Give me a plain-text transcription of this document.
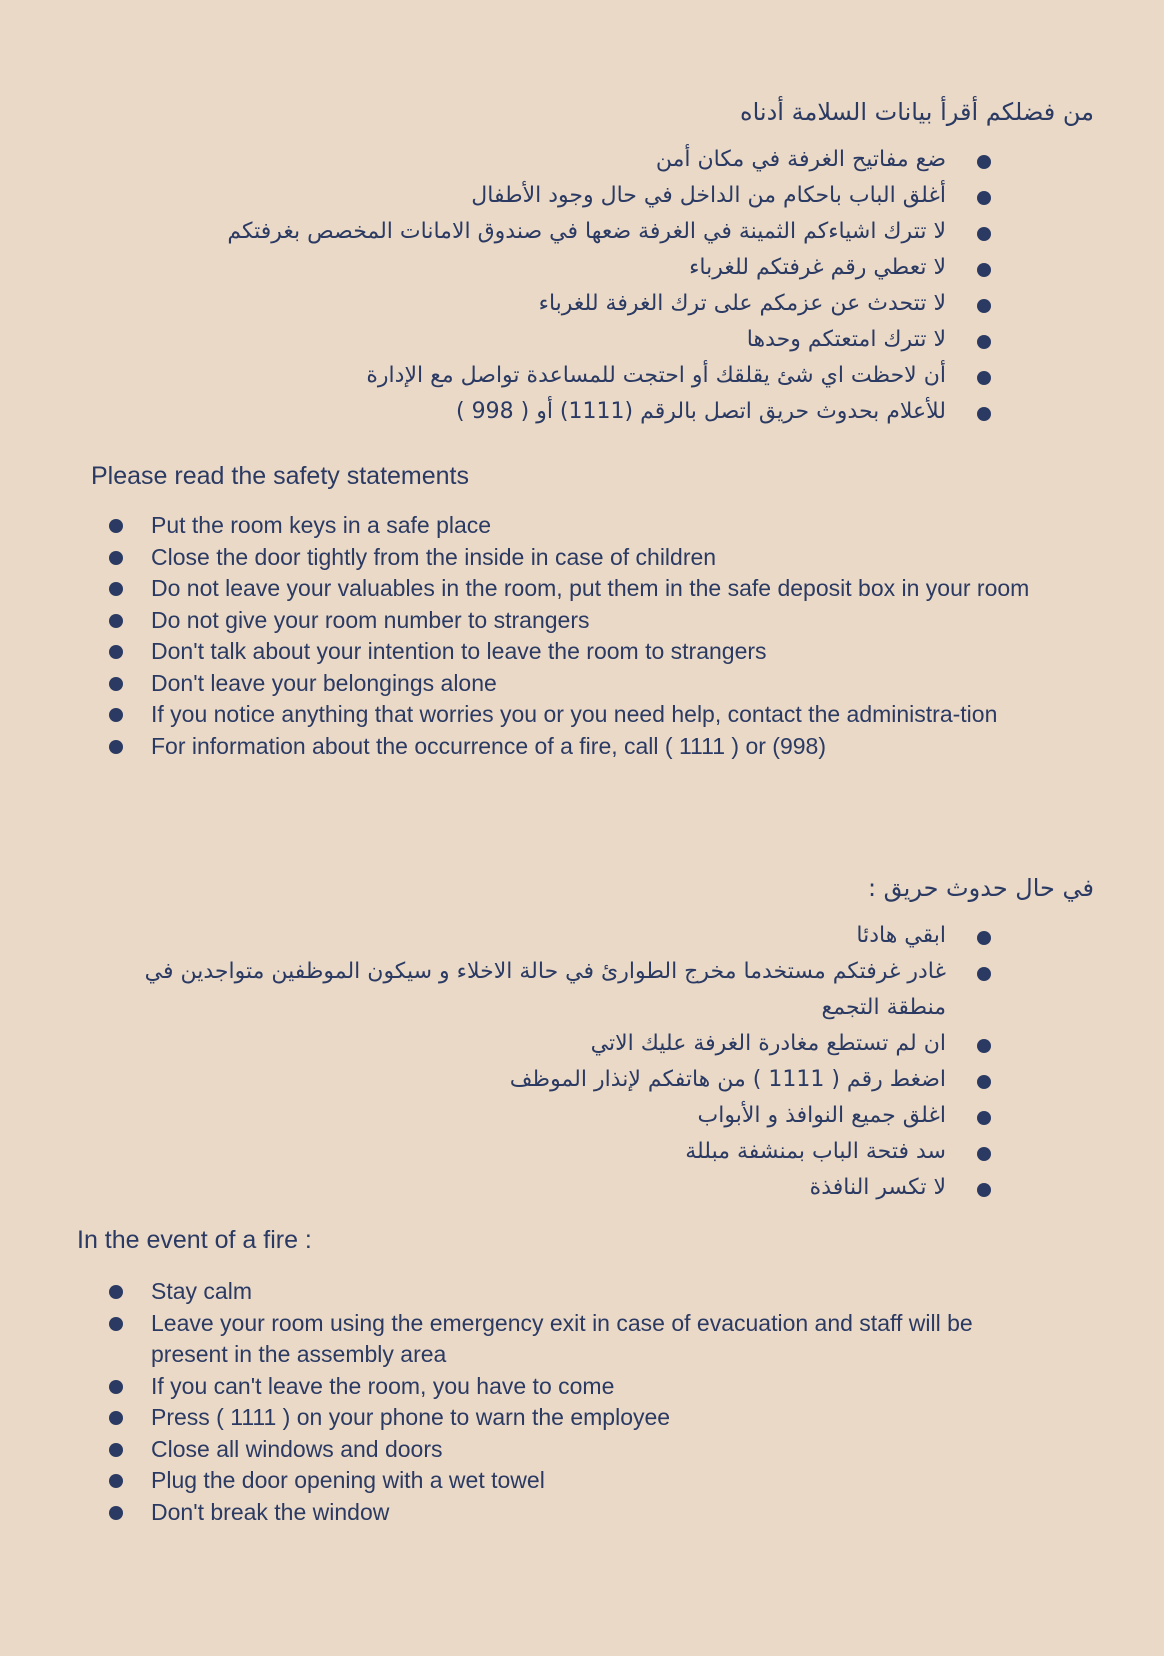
من فضلكم أقرأ بيانات السلامة أدناه
ضع مفاتيح الغرفة في مكان أمن
أغلق الباب باحكام من الداخل في حال وجود الأطفال
لا تترك اشياءكم الثمينة في الغرفة ضعها في صندوق الامانات المخصص بغرفتكم
لا تعطي رقم غرفتكم للغرباء
لا تتحدث عن عزمكم على ترك الغرفة للغرباء
لا تترك امتعتكم وحدها
أن لاحظت اي شئ يقلقك أو احتجت للمساعدة تواصل مع الإدارة
للأعلام بحدوث حريق اتصل بالرقم (1111) أو ( 998 )
Please read the safety statements
Put the room keys in a safe place
Close the door tightly from the inside in case of children
Do not leave your valuables in the room, put them in the safe deposit box in your room
Do not give your room number to strangers
Don't talk about your intention to leave the room to strangers
Don't leave your belongings alone
If you notice anything that worries you or you need help, contact the administra-tion
For information about the occurrence of a fire, call ( 1111 ) or (998)
في حال حدوث حريق :
ابقي هادئا
غادر غرفتكم مستخدما مخرج الطوارئ في حالة الاخلاء و سيكون الموظفين متواجدين في منطقة التجمع
ان لم تستطع مغادرة الغرفة عليك الاتي
اضغط رقم ( 1111 ) من هاتفكم لإنذار الموظف
اغلق جميع النوافذ و الأبواب
سد فتحة الباب بمنشفة مبللة
لا تكسر النافذة
In the event of a fire :
Stay calm
Leave your room using the emergency exit in case of evacuation and staff will be present in the assembly area
If you can't leave the room, you have to come
Press ( 1111 ) on your phone to warn the employee
Close all windows and doors
Plug the door opening with a wet towel
Don't break the window
